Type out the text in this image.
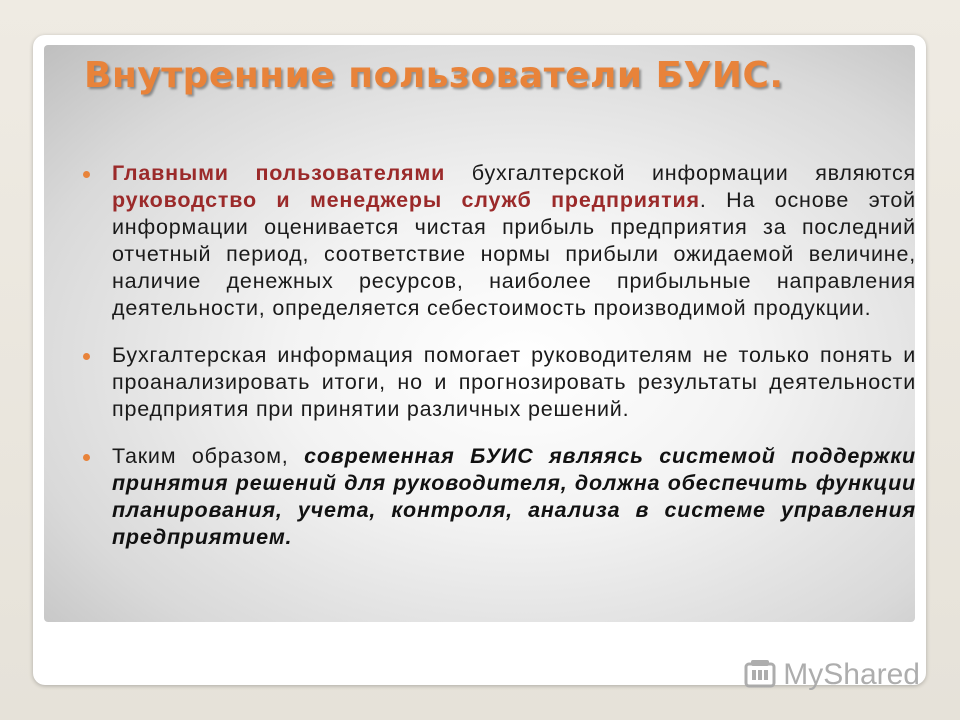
Внутренние пользователи БУИС.
Главными пользователями бухгалтерской информации являются руководство и менеджеры служб предприятия. На основе этой информации оценивается чистая прибыль предприятия за последний отчетный период, соответствие нормы прибыли ожидаемой величине, наличие денежных ресурсов, наиболее прибыльные направления деятельности, определяется себестоимость производимой продукции.
Бухгалтерская информация помогает руководителям не только понять и проанализировать итоги, но и прогнозировать результаты деятельности предприятия при принятии различных решений.
Таким образом, современная БУИС являясь системой поддержки принятия решений для руководителя, должна обеспечить функции планирования, учета, контроля, анализа в системе управления предприятием.
MyShared
